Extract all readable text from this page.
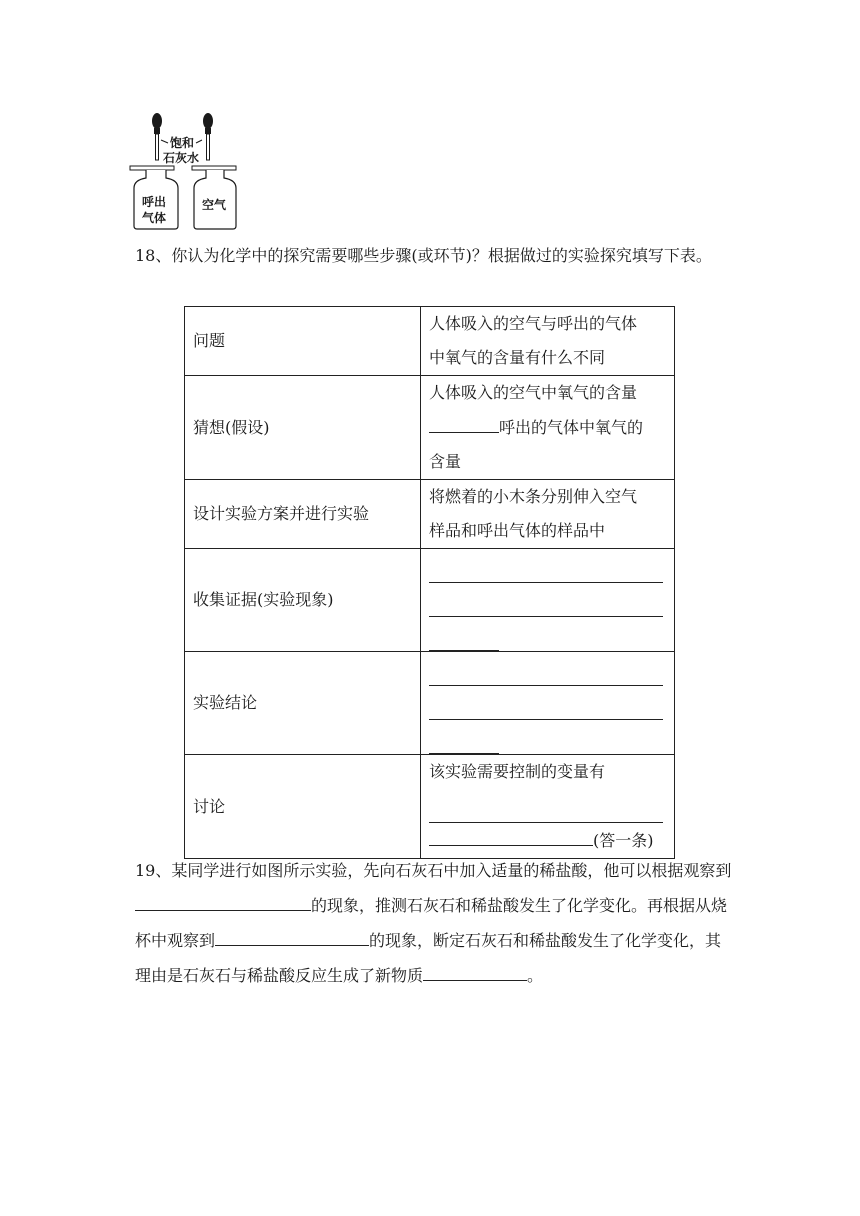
饱和
石灰水
呼出
气体
空气
18、你认为化学中的探究需要哪些步骤(或环节)？根据做过的实验探究填写下表。
问题	人体吸入的空气与呼出的气体
中氧气的含量有什么不同

猜想(假设)	人体吸入的空气中氧气的含量
呼出的气体中氧气的
含量

设计实验方案并进行实验	将燃着的小木条分别伸入空气
样品和呼出气体的样品中

收集证据(实验现象)	

实验结论	

讨论	该实验需要控制的变量有
(答一条)
19、某同学进行如图所示实验，先向石灰石中加入适量的稀盐酸，他可以根据观察到的现象，推测石灰石和稀盐酸发生了化学变化。再根据从烧杯中观察到	的现象，断定石灰石和稀盐酸发生了化学变化，其理由是石灰石与稀盐酸反应生成了新物质	。
